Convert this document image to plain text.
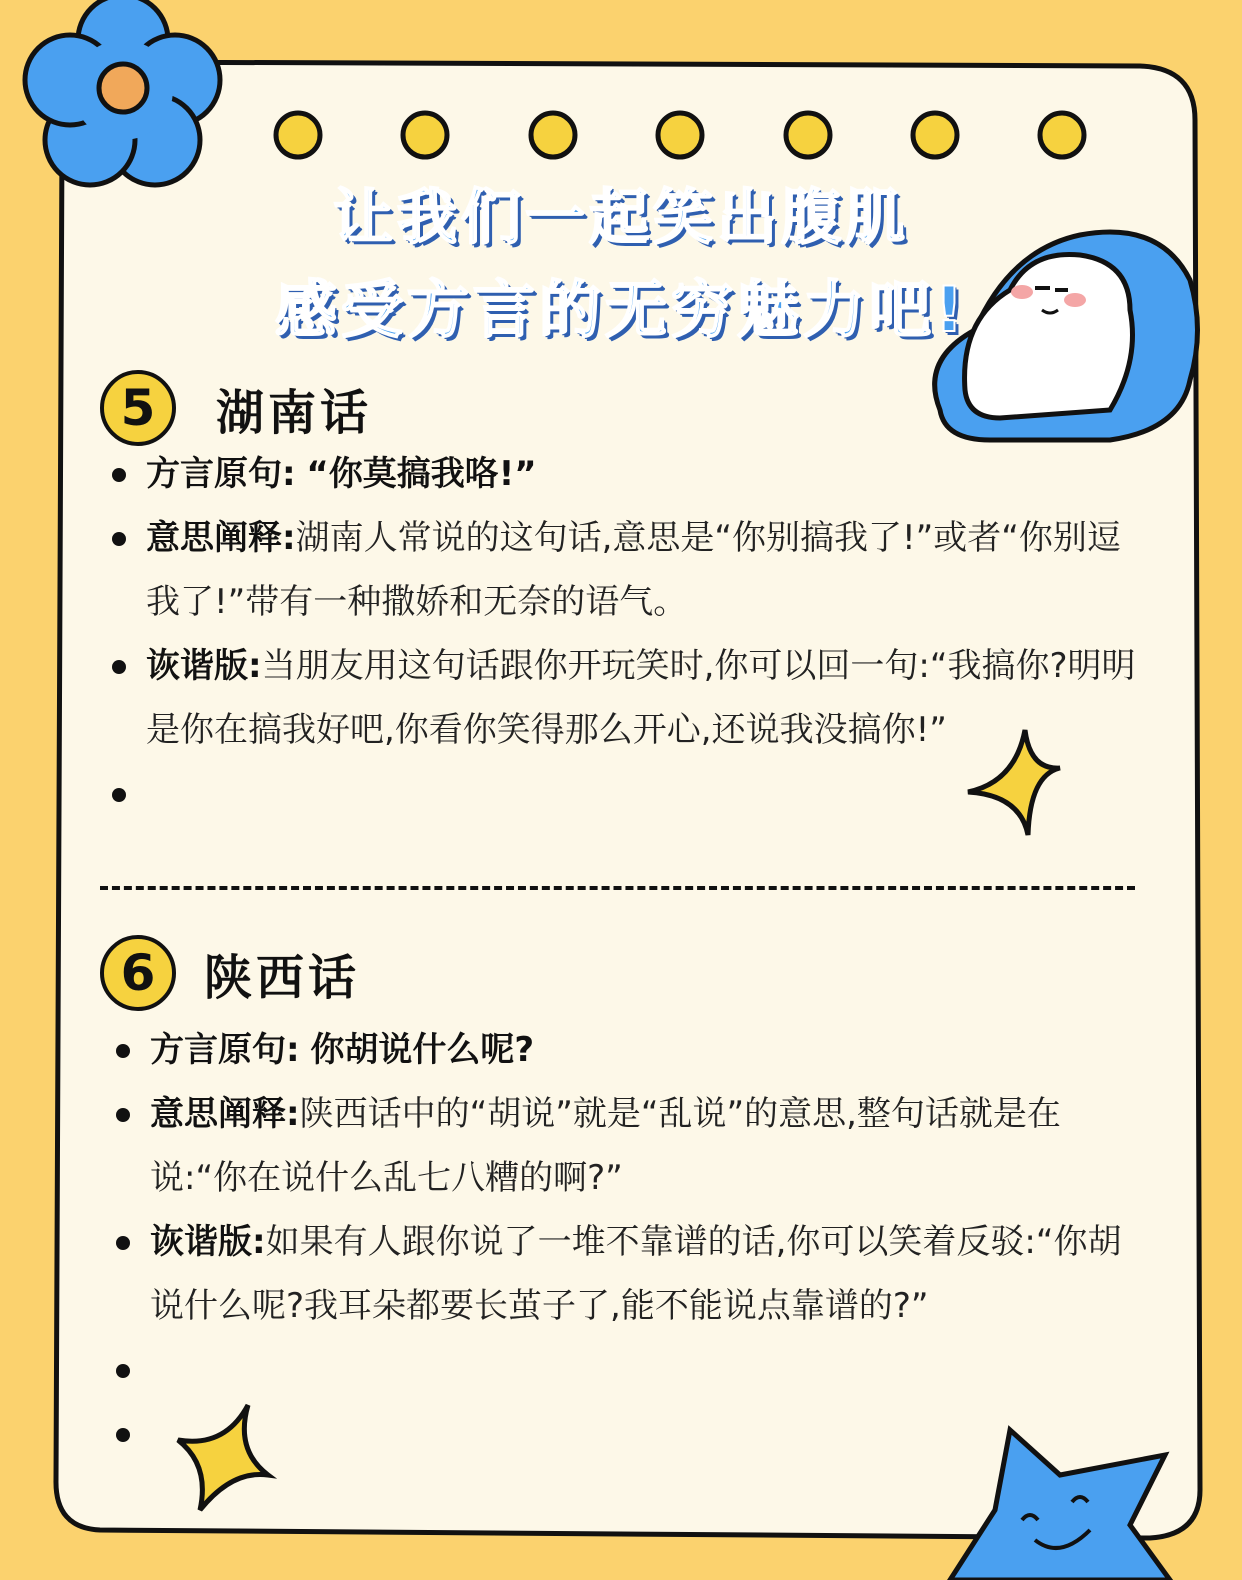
让我们一起笑出腹肌
感受方言的无穷魅力吧!
5	湖南话
方言原句: “你莫搞我咯!”
意思阐释:湖南人常说的这句话,意思是“你别搞我了!”或者“你别逗我了!”带有一种撒娇和无奈的语气。
诙谐版:当朋友用这句话跟你开玩笑时,你可以回一句:“我搞你?明明是你在搞我好吧,你看你笑得那么开心,还说我没搞你!”
6	陕西话
方言原句: 你胡说什么呢?
意思阐释:陕西话中的“胡说”就是“乱说”的意思,整句话就是在说:“你在说什么乱七八糟的啊?”
诙谐版:如果有人跟你说了一堆不靠谱的话,你可以笑着反驳:“你胡说什么呢?我耳朵都要长茧子了,能不能说点靠谱的?”
